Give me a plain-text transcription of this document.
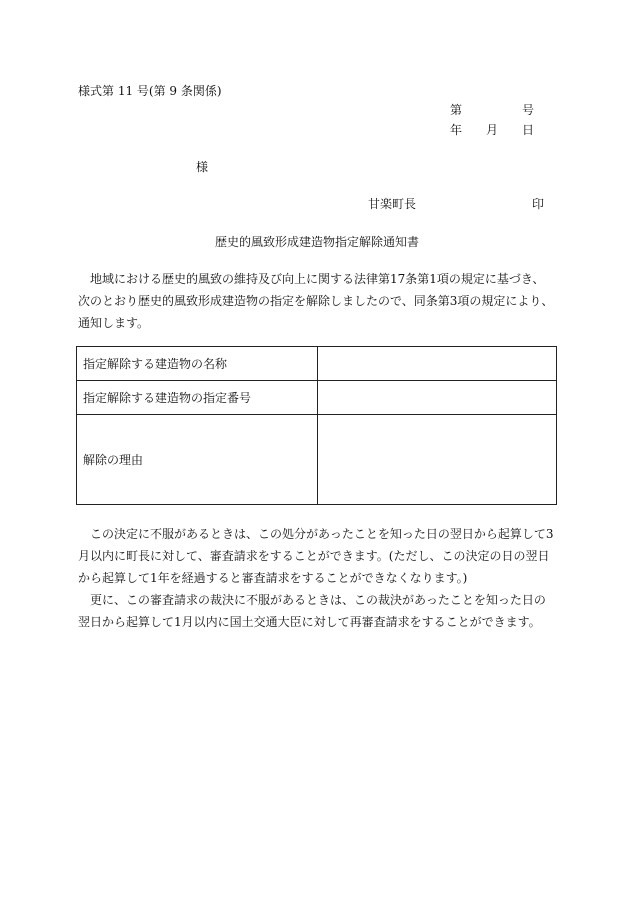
様式第 11 号(第 9 条関係)
第	号
年 月 日
様
甘楽町長	印
歴史的風致形成建造物指定解除通知書

地域における歴史的風致の維持及び向上に関する法律第17条第1項の規定に基づき、次のとおり歴史的風致形成建造物の指定を解除しましたので、同条第3項の規定により、通知します。

指定解除する建造物の名称	
指定解除する建造物の指定番号	
解除の理由	

この決定に不服があるときは、この処分があったことを知った日の翌日から起算して3月以内に町長に対して、審査請求をすることができます。(ただし、この決定の日の翌日から起算して1年を経過すると審査請求をすることができなくなります。)

更に、この審査請求の裁決に不服があるときは、この裁決があったことを知った日の翌日から起算して1月以内に国土交通大臣に対して再審査請求をすることができます。
